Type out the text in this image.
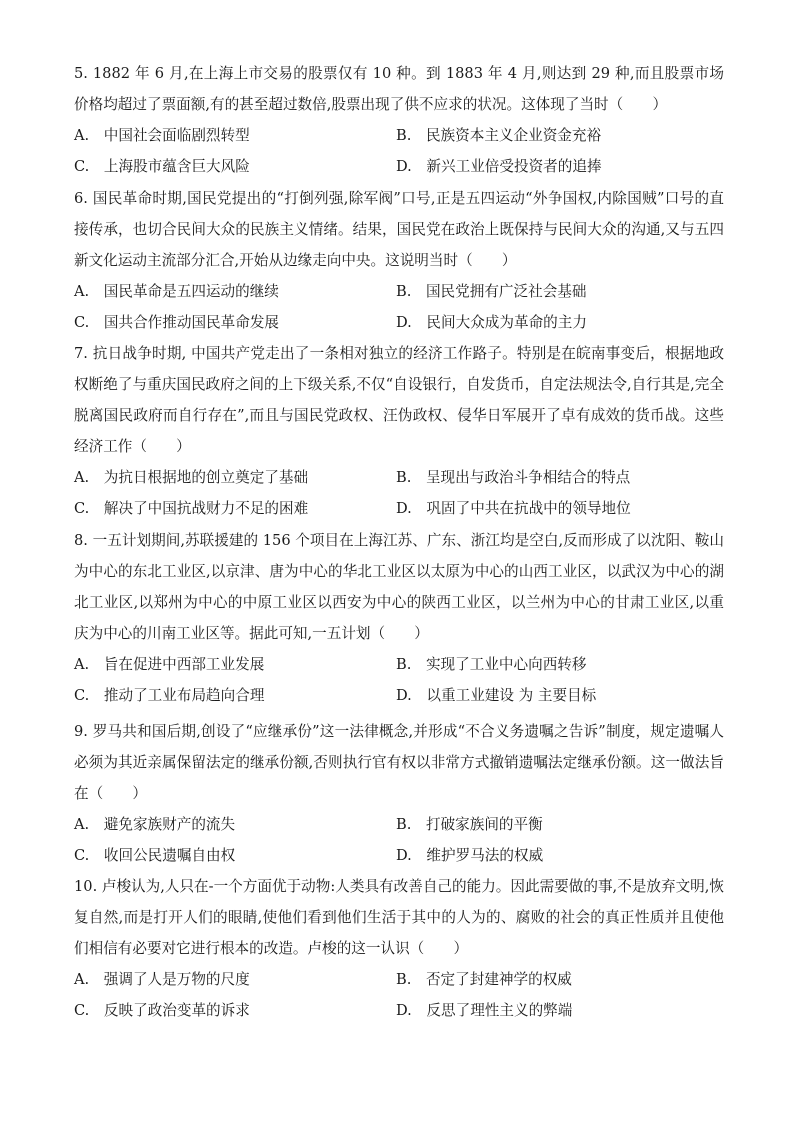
5. 1882 年 6 月,在上海上市交易的股票仅有 10 种。到 1883 年 4 月,则达到 29 种,而且股票市场价格均超过了票面额,有的甚至超过数倍,股票出现了供不应求的状况。这体现了当时（　　）
A.　中国社会面临剧烈转型	B.　民族资本主义企业资金充裕
C.　上海股市蕴含巨大风险	D.　新兴工业倍受投资者的追捧
6. 国民革命时期,国民党提出的“打倒列强,除军阀”口号,正是五四运动“外争国权,内除国贼”口号的直接传承，也切合民间大众的民族主义情绪。结果，国民党在政治上既保持与民间大众的沟通,又与五四新文化运动主流部分汇合,开始从边缘走向中央。这说明当时（　　）
A.　国民革命是五四运动的继续	B.　国民党拥有广泛社会基础
C.　国共合作推动国民革命发展	D.　民间大众成为革命的主力
7. 抗日战争时期, 中国共产党走出了一条相对独立的经济工作路子。特别是在皖南事变后，根据地政权断绝了与重庆国民政府之间的上下级关系,不仅“自设银行，自发货币，自定法规法令,自行其是,完全脱离国民政府而自行存在”,而且与国民党政权、汪伪政权、侵华日军展开了卓有成效的货币战。这些经济工作（　　）
A.　为抗日根据地的创立奠定了基础	B.　呈现出与政治斗争相结合的特点
C.　解决了中国抗战财力不足的困难	D.　巩固了中共在抗战中的领导地位
8. 一五计划期间,苏联援建的 156 个项目在上海江苏、广东、浙江均是空白,反而形成了以沈阳、鞍山为中心的东北工业区,以京津、唐为中心的华北工业区以太原为中心的山西工业区，以武汉为中心的湖北工业区,以郑州为中心的中原工业区以西安为中心的陕西工业区，以兰州为中心的甘肃工业区,以重庆为中心的川南工业区等。据此可知,一五计划（　　）
A.　旨在促进中西部工业发展	B.　实现了工业中心向西转移
C.　推动了工业布局趋向合理	D.　以重工业建设 为 主要目标
9. 罗马共和国后期,创设了“应继承份”这一法律概念,并形成“不合义务遗嘱之告诉”制度，规定遗嘱人必须为其近亲属保留法定的继承份额,否则执行官有权以非常方式撤销遗嘱法定继承份额。这一做法旨在（　　）
A.　避免家族财产的流失	B.　打破家族间的平衡
C.　收回公民遗嘱自由权	D.　维护罗马法的权威
10. 卢梭认为,人只在-一个方面优于动物:人类具有改善自己的能力。因此需要做的事,不是放弃文明,恢复自然,而是打开人们的眼睛,使他们看到他们生活于其中的人为的、腐败的社会的真正性质并且使他们相信有必要对它进行根本的改造。卢梭的这一认识（　　）
A.　强调了人是万物的尺度	B.　否定了封建神学的权威
C.　反映了政治变革的诉求	D.　反思了理性主义的弊端
